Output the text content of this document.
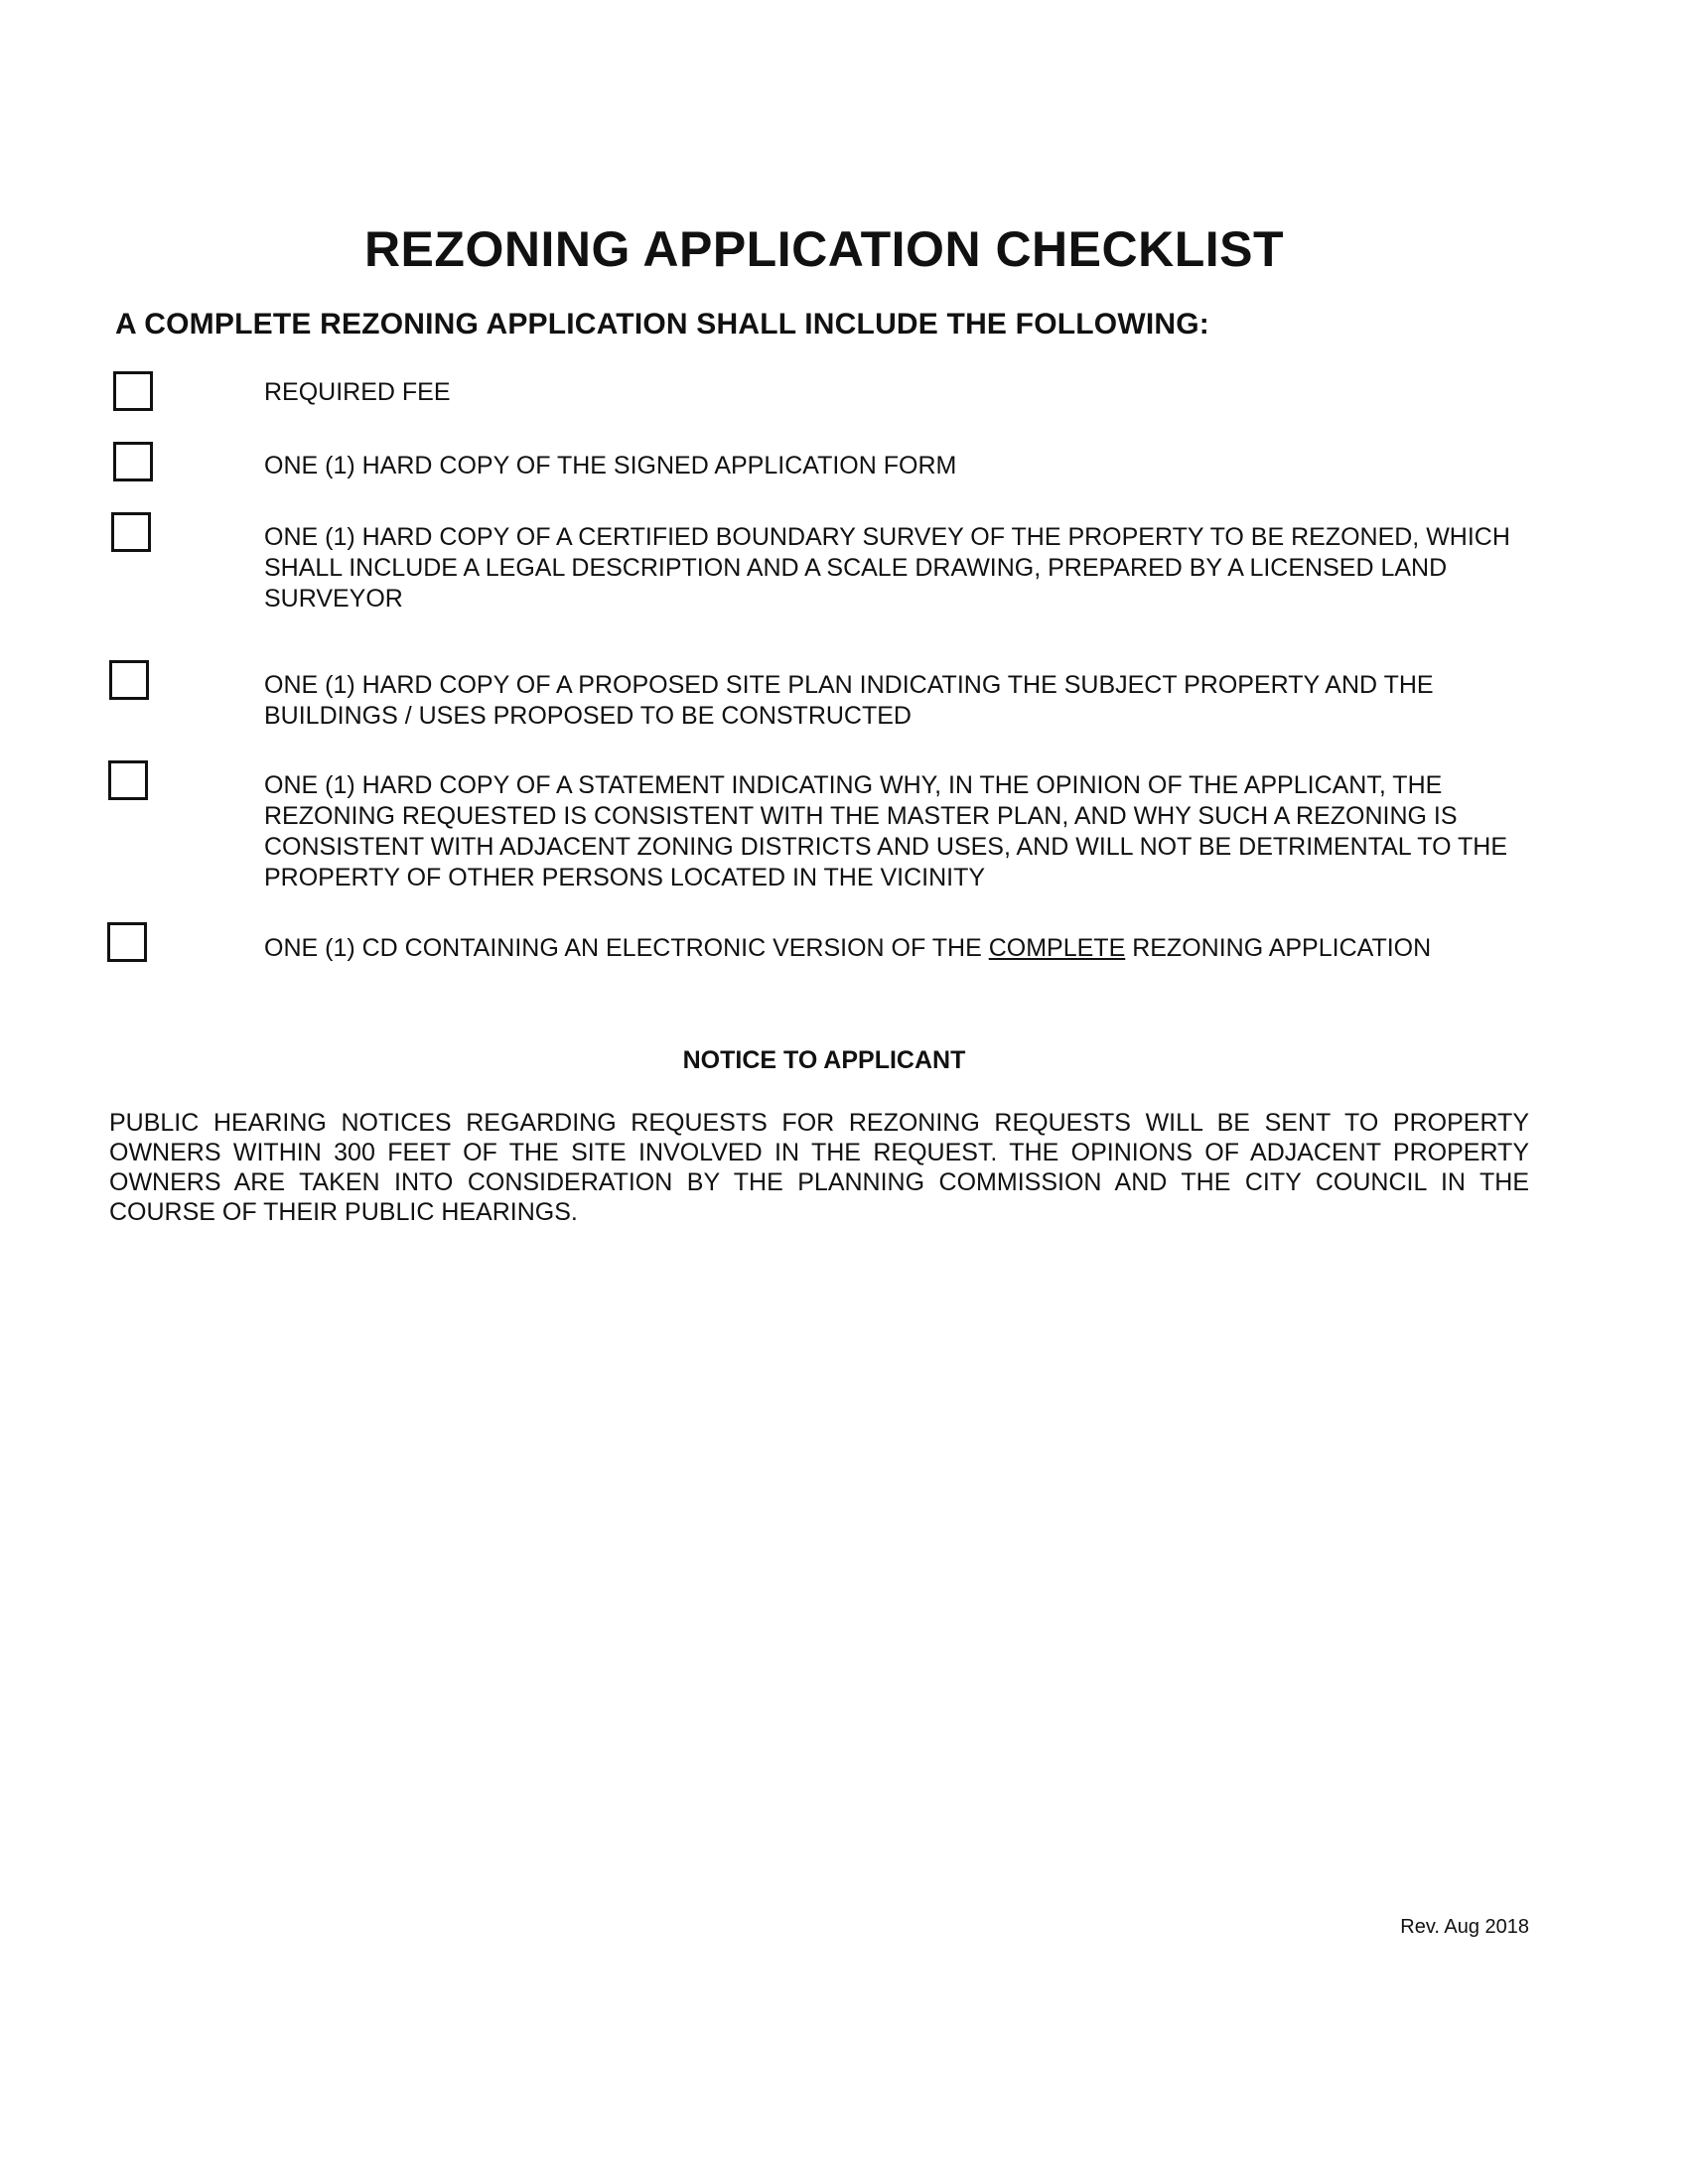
REZONING APPLICATION CHECKLIST
A COMPLETE REZONING APPLICATION SHALL INCLUDE THE FOLLOWING:
REQUIRED FEE
ONE (1) HARD COPY OF THE SIGNED APPLICATION FORM
ONE (1) HARD COPY OF A CERTIFIED BOUNDARY SURVEY OF THE PROPERTY TO BE REZONED, WHICH SHALL INCLUDE A LEGAL DESCRIPTION AND A SCALE DRAWING, PREPARED BY A LICENSED LAND SURVEYOR
ONE (1) HARD COPY OF A PROPOSED SITE PLAN INDICATING THE SUBJECT PROPERTY AND THE BUILDINGS / USES PROPOSED TO BE CONSTRUCTED
ONE (1) HARD COPY OF A STATEMENT INDICATING WHY, IN THE OPINION OF THE APPLICANT, THE REZONING REQUESTED IS CONSISTENT WITH THE MASTER PLAN, AND WHY SUCH A REZONING IS CONSISTENT WITH ADJACENT ZONING DISTRICTS AND USES, AND WILL NOT BE DETRIMENTAL TO THE PROPERTY OF OTHER PERSONS LOCATED IN THE VICINITY
ONE (1) CD CONTAINING AN ELECTRONIC VERSION OF THE COMPLETE REZONING APPLICATION
NOTICE TO APPLICANT
PUBLIC HEARING NOTICES REGARDING REQUESTS FOR REZONING REQUESTS WILL BE SENT TO PROPERTY OWNERS WITHIN 300 FEET OF THE SITE INVOLVED IN THE REQUEST. THE OPINIONS OF ADJACENT PROPERTY OWNERS ARE TAKEN INTO CONSIDERATION BY THE PLANNING COMMISSION AND THE CITY COUNCIL IN THE COURSE OF THEIR PUBLIC HEARINGS.
Rev. Aug 2018
